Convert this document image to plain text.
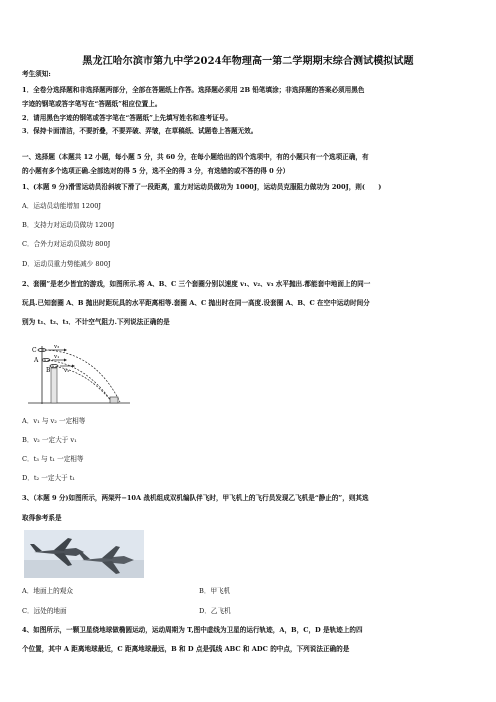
黑龙江哈尔滨市第九中学2024年物理高一第二学期期末综合测试模拟试题
考生须知:
1．全卷分选择题和非选择题两部分，全部在答题纸上作答。选择题必须用 2B 铅笔填涂；非选择题的答案必须用黑色
字迹的钢笔或答字笔写在“答题纸”相应位置上。
2．请用黑色字迹的钢笔或答字笔在“答题纸”上先填写姓名和准考证号。
3．保持卡面清洁，不要折叠，不要弄破、弄皱，在草稿纸、试题卷上答题无效。
一、选择题（本题共 12 小题，每小题 5 分，共 60 分，在每小题给出的四个选项中，有的小题只有一个选项正确，有
的小题有多个选项正确.全部选对的得 5 分，选不全的得 3 分，有选错的或不答的得 0 分）
1、(本题 9 分)滑雪运动员沿斜坡下滑了一段距离，重力对运动员做功为 1000J，运动员克服阻力做功为 200J，则(　　)
A．运动员动能增加 1200J
B．支持力对运动员做功 1200J
C．合外力对运动员做功 800J
D．运动员重力势能减少 800J
2、套圈”是老少皆宜的游戏，如图所示.将 A、B、C 三个套圈分别以速度 v₁、v₂、v₃ 水平抛出.都能套中地面上的同一
玩具.已知套圈 A、B 抛出时距玩具的水平距离相等.套圈 A、C 抛出时在同一高度.设套圈 A、B、C 在空中运动时间分
别为 t₁、t₂、t₃．不计空气阻力.下列说法正确的是
C	v₃
A	v₁
B v₂
A．v₁ 与 v₂ 一定相等
B．v₂ 一定大于 v₁
C．t₃ 与 t₁ 一定相等
D．t₂ 一定大于 t₁
3、（本题 9 分)如图所示，两架歼−10A 战机组成双机编队伴飞时，甲飞机上的飞行员发现乙飞机是“静止的”，则其选
取得参考系是
A．地面上的观众	B．甲飞机
C．远处的地面	D．乙飞机
4、如图所示，一颗卫星绕地球做椭圆运动，运动周期为 T,图中虚线为卫星的运行轨迹，A，B，C，D 是轨迹上的四
个位置，其中 A 距离地球最近，C 距离地球最远，B 和 D 点是弧线 ABC 和 ADC 的中点，下列说法正确的是
